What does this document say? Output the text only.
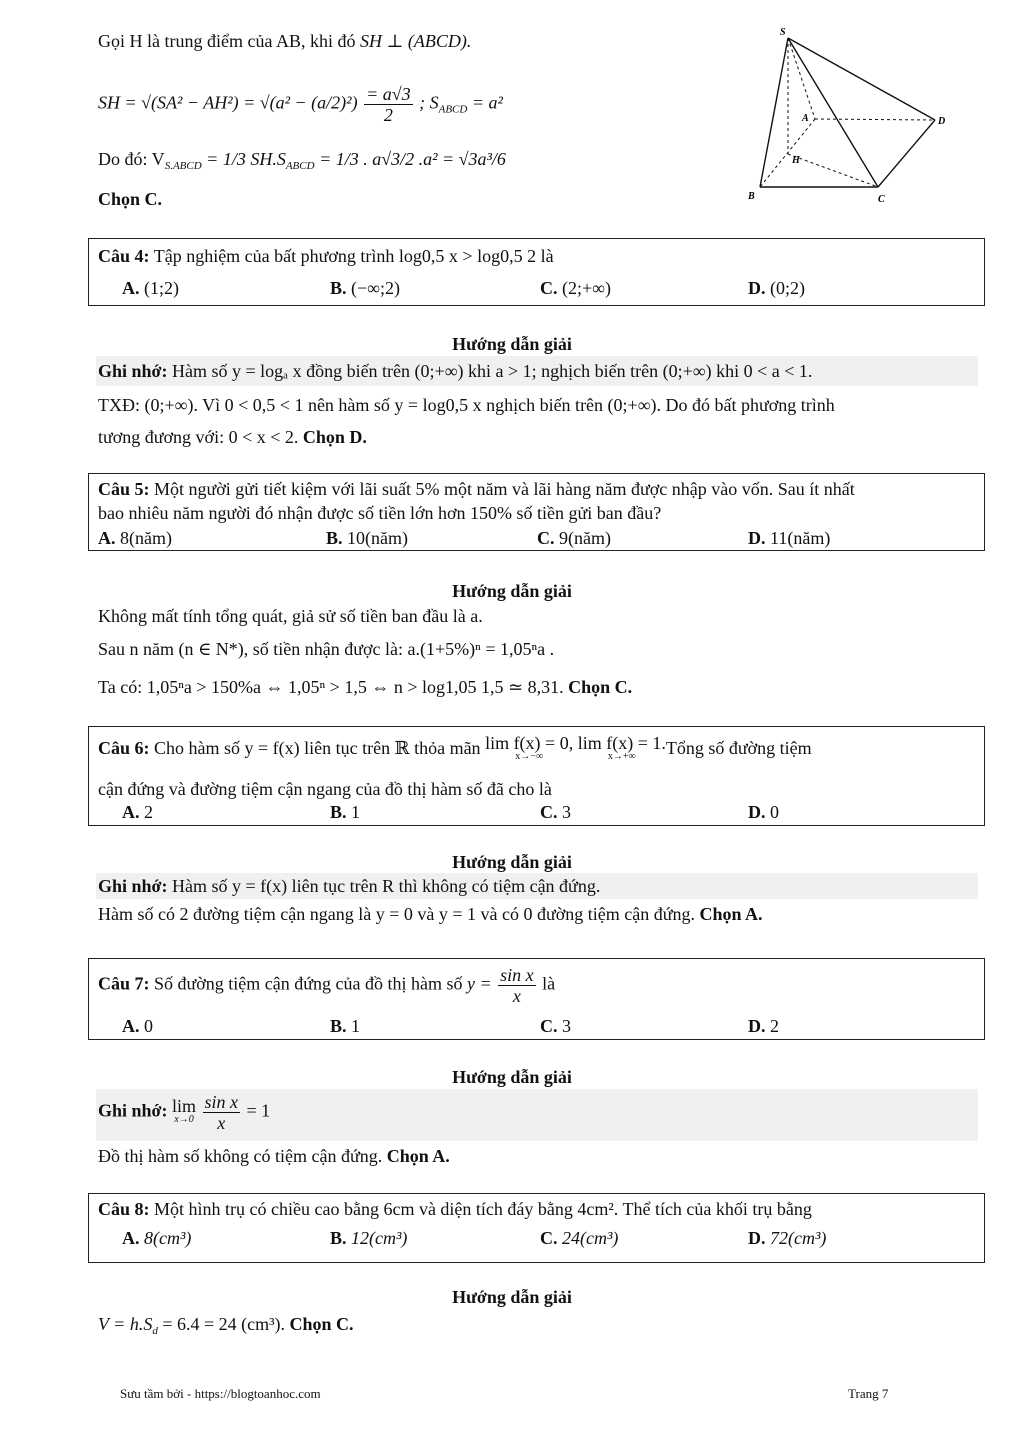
Gọi H là trung điểm của AB, khi đó SH ⊥ (ABCD).
SH = $√(SA^2 - AH^2) = √(a^2 - (a/2)^2) \frac{= a√3}{2}$ ; $S_{ABCD} = a^2$
Do đó: $V_{S.ABCD} = 1/3$ $SH.S_{ABCD} = 1/3$ . a√3/2 .a² = √3a³/6
Chọn C.
S
A	D
H
B	C
Câu 4: Tập nghiệm của bất phương trình log0,5 x > log0,5 2 là
A. (1;2)	B. (−∞;2)	C. (2;+∞)	D. (0;2)
Hướng dẫn giải
Ghi nhớ: Hàm số y = logₐ x đồng biến trên (0;+∞) khi a > 1; nghịch biến trên (0;+∞) khi 0 < a < 1.
TXĐ: (0;+∞). Vì 0 < 0,5 < 1 nên hàm số y = log0,5 x nghịch biến trên (0;+∞). Do đó bất phương trình
tương đương với: 0 < x < 2. Chọn D.
Câu 5: Một người gửi tiết kiệm với lãi suất 5% một năm và lãi hàng năm được nhập vào vốn. Sau ít nhất
bao nhiêu năm người đó nhận được số tiền lớn hơn 150% số tiền gửi ban đầu?
A. 8(năm)	B. 10(năm)	C. 9(năm)	D. 11(năm)
Hướng dẫn giải
Không mất tính tổng quát, giả sử số tiền ban đầu là a.
Sau n năm (n ∈ N*), số tiền nhận được là: a.(1+5%)ⁿ = 1,05ⁿa .
Ta có: 1,05ⁿa > 150%a ⇔ 1,05ⁿ > 1,5 ⇔ n > log1,05 1,5 ≃ 8,31. Chọn C.
Câu 6: Cho hàm số y = f(x) liên tục trên ℝ thỏa mãn lim f(x) = 0,
x→−∞

lim f(x) = 1.
x→+∞	Tổng số đường tiệm
cận đứng và đường tiệm cận ngang của đồ thị hàm số đã cho là
A. 2	B. 1	C. 3	D. 0
Hướng dẫn giải
Ghi nhớ: Hàm số y = f(x) liên tục trên R thì không có tiệm cận đứng.
Hàm số có 2 đường tiệm cận ngang là y = 0 và y = 1 và có 0 đường tiệm cận đứng. Chọn A.
Câu 7: Số đường tiệm cận đứng của đồ thị hàm số $y = \frac{\text{sin x}}{x}$ là
A. 0	B. 1	C. 3	D. 2
Hướng dẫn giải
Ghi nhớ: lim
x→0
$\frac{\text{sin x}}{x} = 1$
Đồ thị hàm số không có tiệm cận đứng. Chọn A.
Câu 8: Một hình trụ có chiều cao bằng 6cm và diện tích đáy bằng 4cm². Thể tích của khối trụ bằng
A. 8(cm³)	B. 12(cm³)	C. 24(cm³)	D. 72(cm³)
Hướng dẫn giải
$V = h.S_d = 6.4 = 24$ (cm³). Chọn C.
Sưu tầm bởi - https://blogtoanhoc.com	Trang 7
